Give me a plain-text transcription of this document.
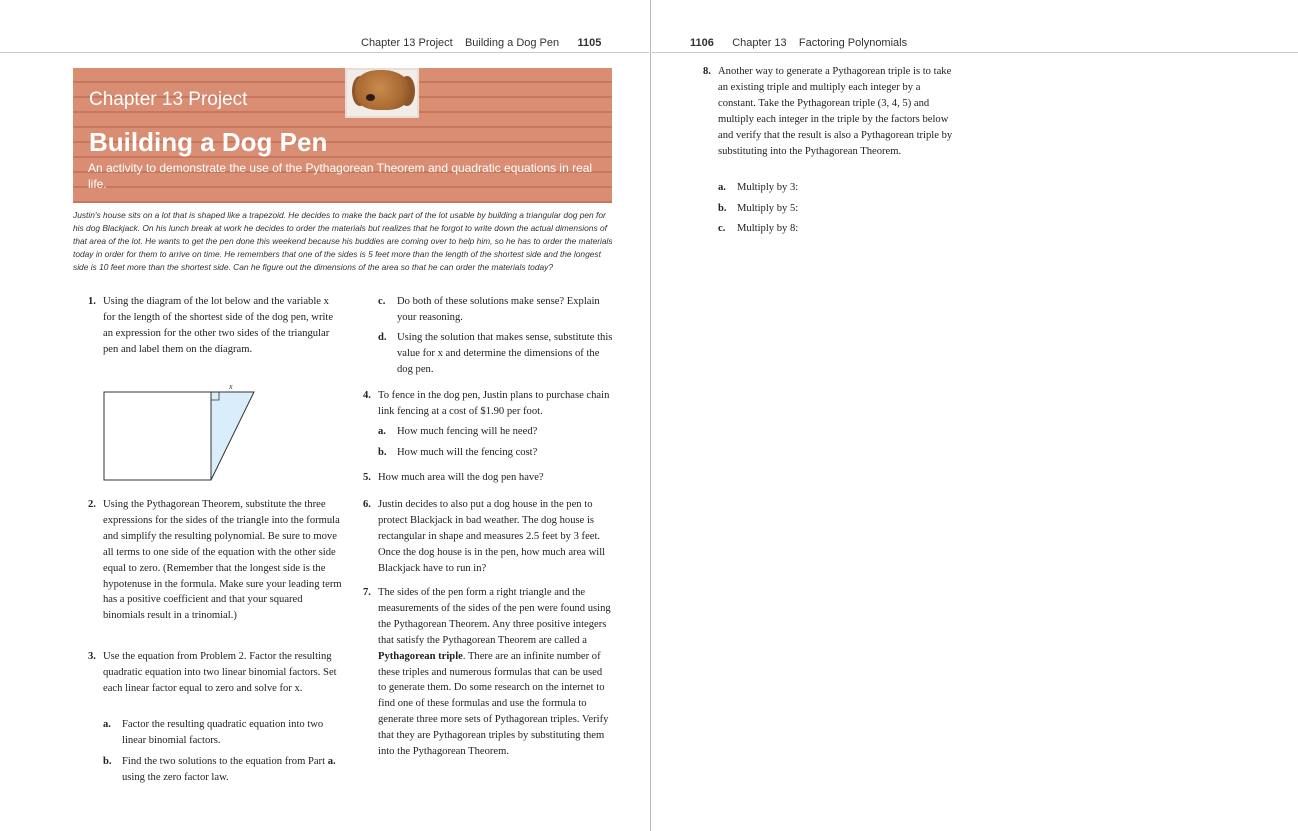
Chapter 13 Project Building a Dog Pen 1105	1106 Chapter 13 Factoring Polynomials
Chapter 13 Project
Building a Dog Pen
An activity to demonstrate the use of the Pythagorean Theorem and quadratic equations in real life.
Justin's house sits on a lot that is shaped like a trapezoid. He decides to make the back part of the lot usable by building a triangular dog pen for his dog Blackjack. On his lunch break at work he decides to order the materials but realizes that he forgot to write down the actual dimensions of that area of the lot. He wants to get the pen done this weekend because his buddies are coming over to help him, so he has to order the materials today in order for them to arrive on time. He remembers that one of the sides is 5 feet more than the length of the shortest side and the longest side is 10 feet more than the shortest side. Can he figure out the dimensions of the area so that he can order the materials today?
1. Using the diagram of the lot below and the variable x for the length of the shortest side of the dog pen, write an expression for the other two sides of the triangular pen and label them on the diagram.
x
2. Using the Pythagorean Theorem, substitute the three expressions for the sides of the triangle into the formula and simplify the resulting polynomial. Be sure to move all terms to one side of the equation with the other side equal to zero. (Remember that the longest side is the hypotenuse in the formula. Make sure your leading term has a positive coefficient and that your squared binomials result in a trinomial.)
3. Use the equation from Problem 2. Factor the resulting quadratic equation into two linear binomial factors. Set each linear factor equal to zero and solve for x.
a. Factor the resulting quadratic equation into two linear binomial factors.
b. Find the two solutions to the equation from Part a. using the zero factor law.
c. Do both of these solutions make sense? Explain your reasoning.
d. Using the solution that makes sense, substitute this value for x and determine the dimensions of the dog pen.
4. To fence in the dog pen, Justin plans to purchase chain link fencing at a cost of $1.90 per foot.
a. How much fencing will he need?
b. How much will the fencing cost?
5. How much area will the dog pen have?
6. Justin decides to also put a dog house in the pen to protect Blackjack in bad weather. The dog house is rectangular in shape and measures 2.5 feet by 3 feet. Once the dog house is in the pen, how much area will Blackjack have to run in?
7. The sides of the pen form a right triangle and the measurements of the sides of the pen were found using the Pythagorean Theorem. Any three positive integers that satisfy the Pythagorean Theorem are called a Pythagorean triple. There are an infinite number of these triples and numerous formulas that can be used to generate them. Do some research on the internet to find one of these formulas and use the formula to generate three more sets of Pythagorean triples. Verify that they are Pythagorean triples by substituting them into the Pythagorean Theorem.
8. Another way to generate a Pythagorean triple is to take an existing triple and multiply each integer by a constant. Take the Pythagorean triple (3, 4, 5) and multiply each integer in the triple by the factors below and verify that the result is also a Pythagorean triple by substituting into the Pythagorean Theorem.
a. Multiply by 3:
b. Multiply by 5:
c. Multiply by 8:
